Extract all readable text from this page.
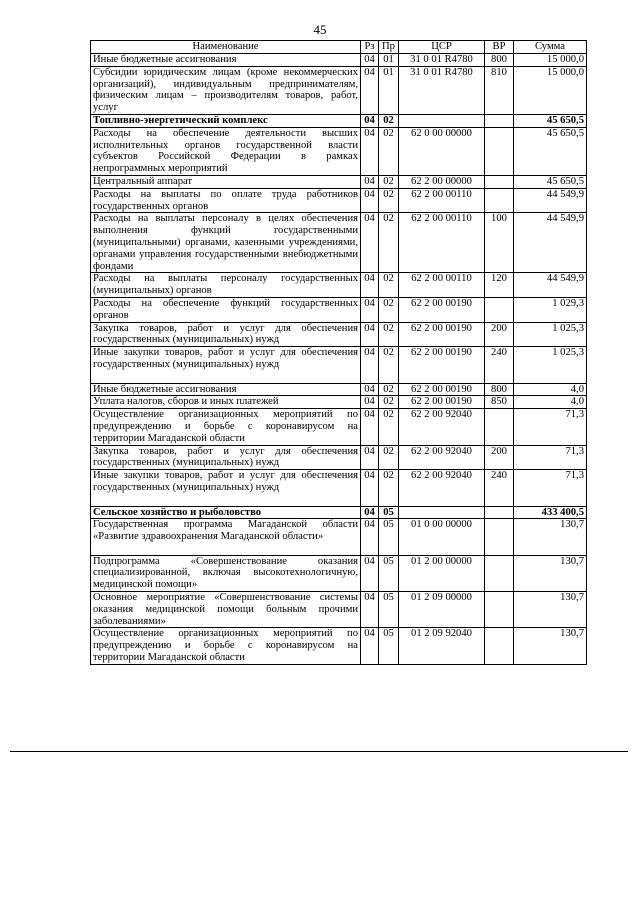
45
Наименование	Рз	Пр	ЦСР	ВР	Сумма
Иные бюджетные ассигнования	04	01	31 0 01 R4780	800	15 000,0
Субсидии юридическим лицам (кроме некоммерческих организаций), индивидуальным предпринимателям, физическим лицам – производителям товаров, работ, услуг	04	01	31 0 01 R4780	810	15 000,0
Топливно-энергетический комплекс	04	02			45 650,5
Расходы на обеспечение деятельности высших исполнительных органов государственной власти субъектов Российской Федерации в рамках непрограммных мероприятий	04	02	62 0 00 00000		45 650,5
Центральный аппарат	04	02	62 2 00 00000		45 650,5
Расходы на выплаты по оплате труда работников государственных органов	04	02	62 2 00 00110		44 549,9
Расходы на выплаты персоналу в целях обеспечения выполнения функций государственными (муниципальными) органами, казенными учреждениями, органами управления государственными внебюджетными фондами	04	02	62 2 00 00110	100	44 549,9
Расходы на выплаты персоналу государственных (муниципальных) органов	04	02	62 2 00 00110	120	44 549,9
Расходы на обеспечение функций государственных органов	04	02	62 2 00 00190		1 029,3
Закупка товаров, работ и услуг для обеспечения государственных (муниципальных) нужд	04	02	62 2 00 00190	200	1 025,3
Иные закупки товаров, работ и услуг для обеспечения государственных (муниципальных) нужд	04	02	62 2 00 00190	240	1 025,3
Иные бюджетные ассигнования	04	02	62 2 00 00190	800	4,0
Уплата налогов, сборов и иных платежей	04	02	62 2 00 00190	850	4,0
Осуществление организационных мероприятий по предупреждению и борьбе с коронавирусом на территории Магаданской области	04	02	62 2 00 92040		71,3
Закупка товаров, работ и услуг для обеспечения государственных (муниципальных) нужд	04	02	62 2 00 92040	200	71,3
Иные закупки товаров, работ и услуг для обеспечения государственных (муниципальных) нужд	04	02	62 2 00 92040	240	71,3
Сельское хозяйство и рыболовство	04	05			433 400,5
Государственная программа Магаданской области «Развитие здравоохранения Магаданской области»	04	05	01 0 00 00000		130,7
Подпрограмма «Совершенствование оказания специализированной, включая высокотехнологичную, медицинской помощи»	04	05	01 2 00 00000		130,7
Основное мероприятие «Совершенствование системы оказания медицинской помощи больным прочими заболеваниями»	04	05	01 2 09 00000		130,7
Осуществление организационных мероприятий по предупреждению и борьбе с коронавирусом на территории Магаданской области	04	05	01 2 09 92040		130,7
